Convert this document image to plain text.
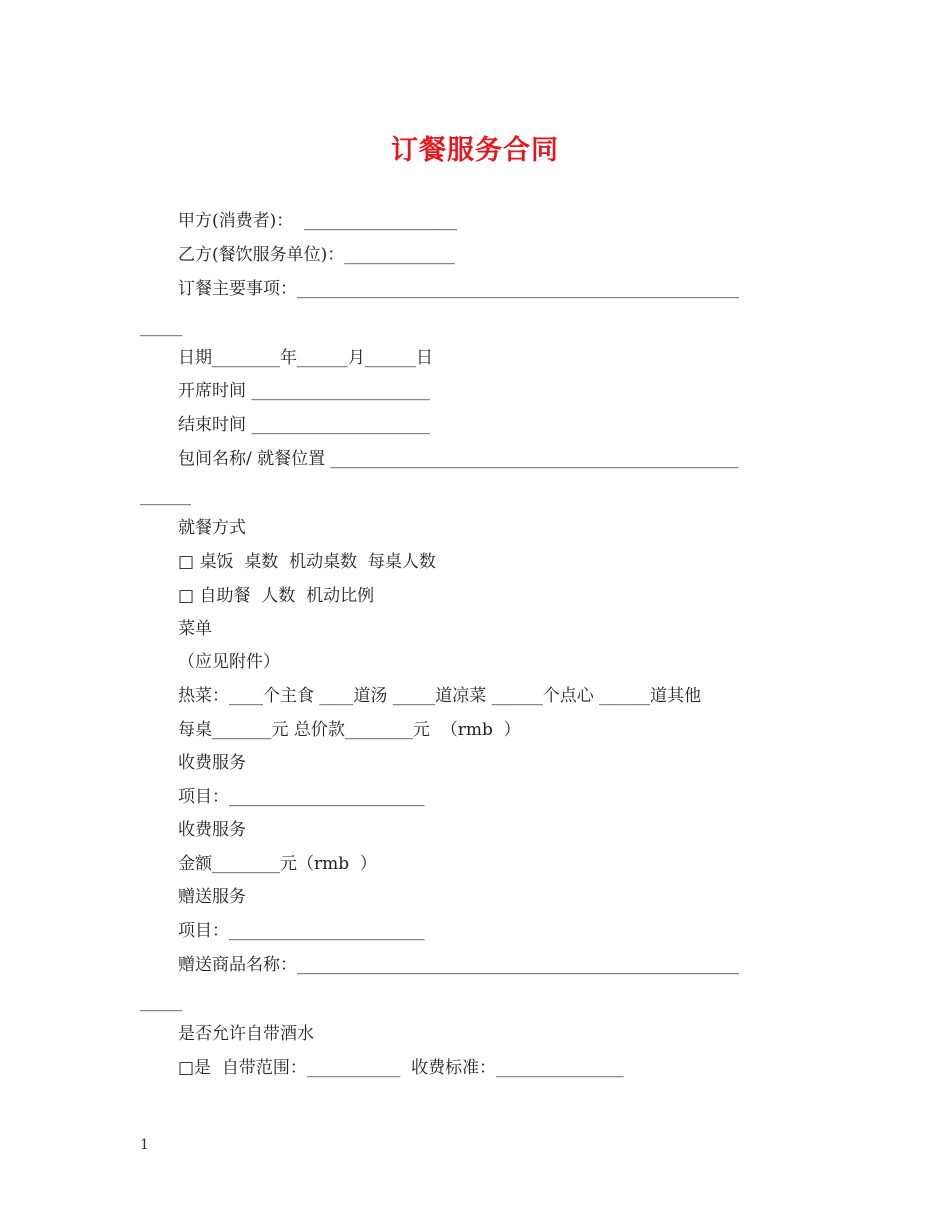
订餐服务合同
甲方(消费者)：  __________________
乙方(餐饮服务单位)：_____________
订餐主要事项：____________________________________________________
_____
日期________年______月______日
开席时间 _____________________
结束时间 _____________________
包间名称/ 就餐位置 ________________________________________________
______
就餐方式
□ 桌饭  桌数  机动桌数  每桌人数
□ 自助餐  人数  机动比例
菜单
（应见附件）
热菜：____个主食 ____道汤 _____道凉菜 ______个点心 ______道其他
每桌_______元 总价款________元  （rmb  ）
收费服务
项目：_______________________
收费服务
金额________元（rmb  ）
赠送服务
项目：_______________________
赠送商品名称：____________________________________________________
_____
是否允许自带酒水
□是  自带范围：___________  收费标准：_______________
1
